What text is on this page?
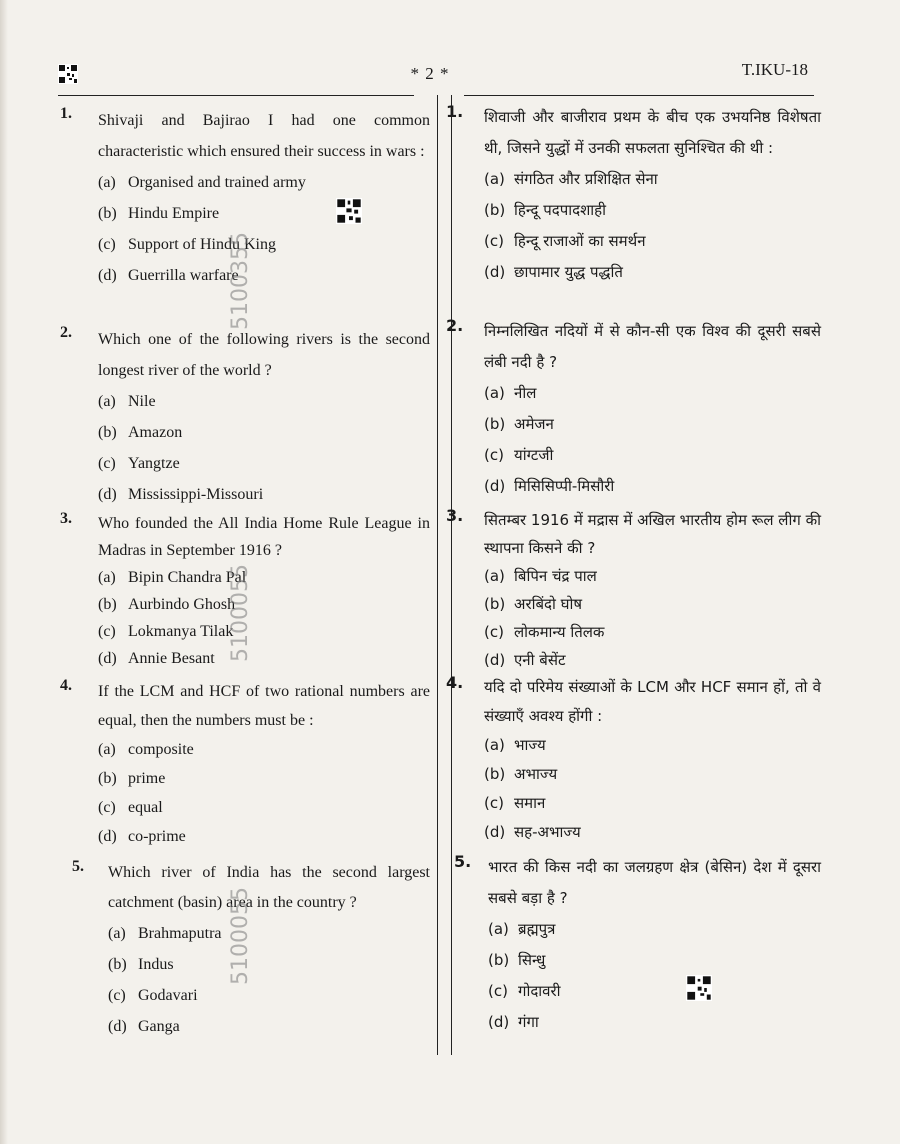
* 2 *	T.IKU-18
1. Shivaji and Bajirao I had one common characteristic which ensured their success in wars :
(a) Organised and trained army
(b) Hindu Empire
(c) Support of Hindu King
(d) Guerrilla warfare
2. Which one of the following rivers is the second longest river of the world ?
(a) Nile
(b) Amazon
(c) Yangtze
(d) Mississippi-Missouri
3. Who founded the All India Home Rule League in Madras in September 1916 ?
(a) Bipin Chandra Pal
(b) Aurbindo Ghosh
(c) Lokmanya Tilak
(d) Annie Besant
4. If the LCM and HCF of two rational numbers are equal, then the numbers must be :
(a) composite
(b) prime
(c) equal
(d) co-prime
5. Which river of India has the second largest catchment (basin) area in the country ?
(a) Brahmaputra
(b) Indus
(c) Godavari
(d) Ganga
1. शिवाजी और बाजीराव प्रथम के बीच एक उभयनिष्ठ विशेषता थी, जिसने युद्धों में उनकी सफलता सुनिश्चित की थी :
(a) संगठित और प्रशिक्षित सेना
(b) हिन्दू पदपादशाही
(c) हिन्दू राजाओं का समर्थन
(d) छापामार युद्ध पद्धति
2. निम्नलिखित नदियों में से कौन-सी एक विश्व की दूसरी सबसे लंबी नदी है ?
(a) नील
(b) अमेजन
(c) यांग्टजी
(d) मिसिसिप्पी-मिसौरी
3. सितम्बर 1916 में मद्रास में अखिल भारतीय होम रूल लीग की स्थापना किसने की ?
(a) बिपिन चंद्र पाल
(b) अरबिंदो घोष
(c) लोकमान्य तिलक
(d) एनी बेसेंट
4. यदि दो परिमेय संख्याओं के LCM और HCF समान हों, तो वे संख्याएँ अवश्य होंगी :
(a) भाज्य
(b) अभाज्य
(c) समान
(d) सह-अभाज्य
5. भारत की किस नदी का जलग्रहण क्षेत्र (बेसिन) देश में दूसरा सबसे बड़ा है ?
(a) ब्रह्मपुत्र
(b) सिन्धु
(c) गोदावरी
(d) गंगा
5100355
5100055
5100055
